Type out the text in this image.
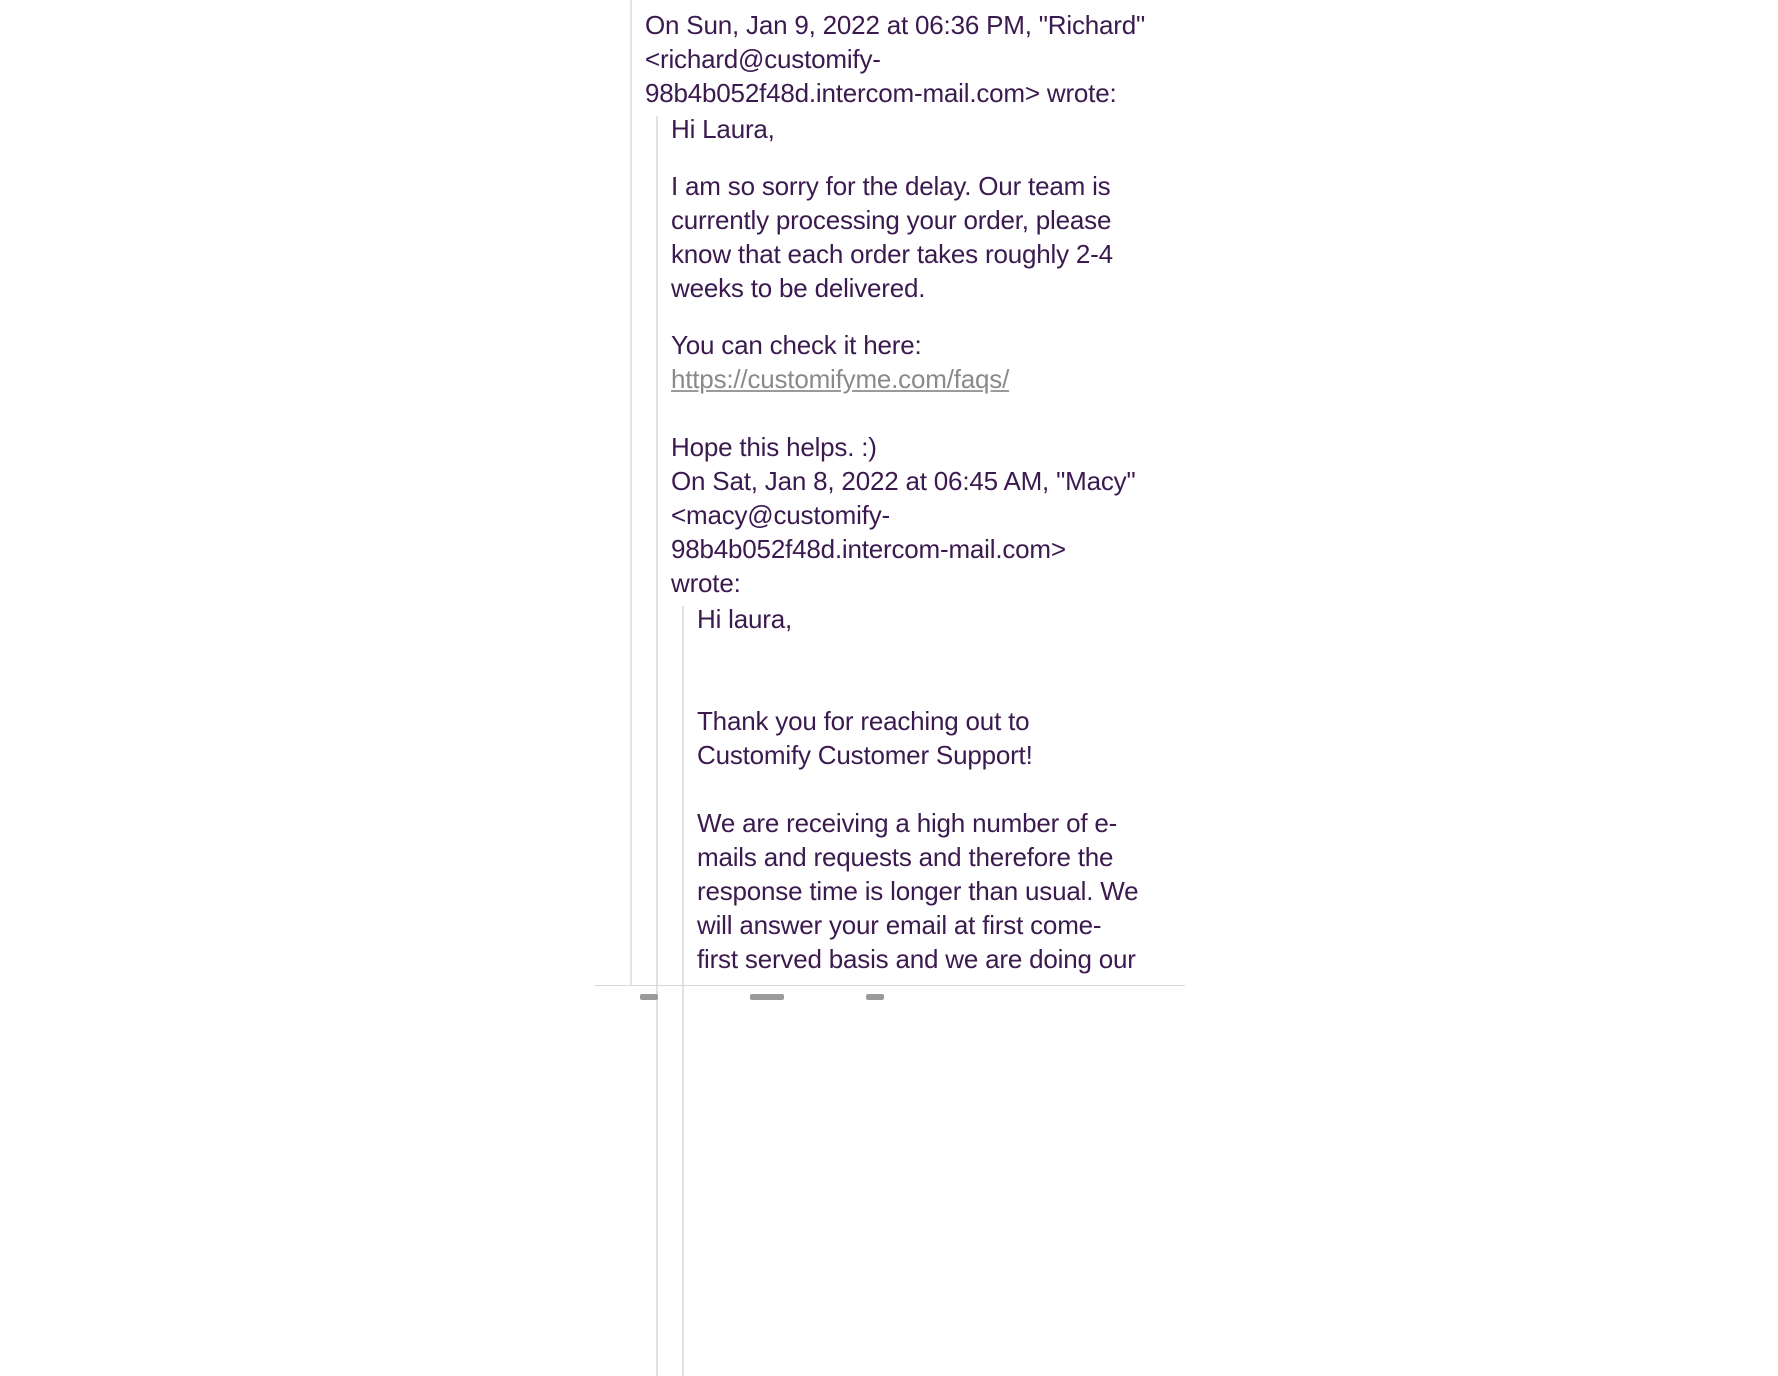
On Sun, Jan 9, 2022 at 06:36 PM, "Richard"
<richard@customify-
98b4b052f48d.intercom-mail.com> wrote:
Hi Laura,
I am so sorry for the delay. Our team is
currently processing your order, please
know that each order takes roughly 2-4
weeks to be delivered.
You can check it here:
https://customifyme.com/faqs/
Hope this helps. :)
On Sat, Jan 8, 2022 at 06:45 AM, "Macy"
<macy@customify-
98b4b052f48d.intercom-mail.com>
wrote:
Hi laura,
Thank you for reaching out to
Customify Customer Support!
We are receiving a high number of e-
mails and requests and therefore the
response time is longer than usual. We
will answer your email at first come-
first served basis and we are doing our
